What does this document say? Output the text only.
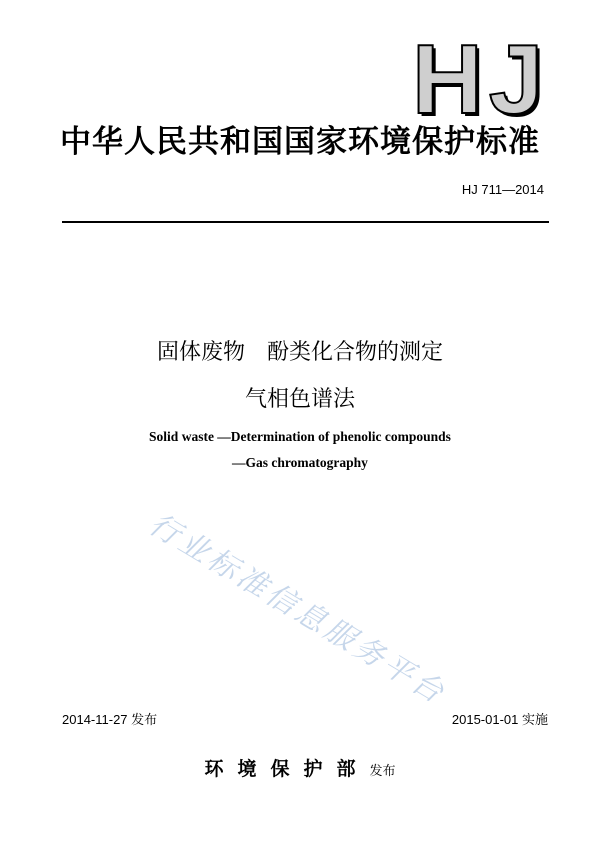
HJ
中华人民共和国国家环境保护标准
HJ 711—2014
固体废物　酚类化合物的测定
气相色谱法
Solid waste —Determination of phenolic compounds
—Gas chromatography
行业标准信息服务平台
2014-11-27 发布	2015-01-01 实施
环境保护部发布
